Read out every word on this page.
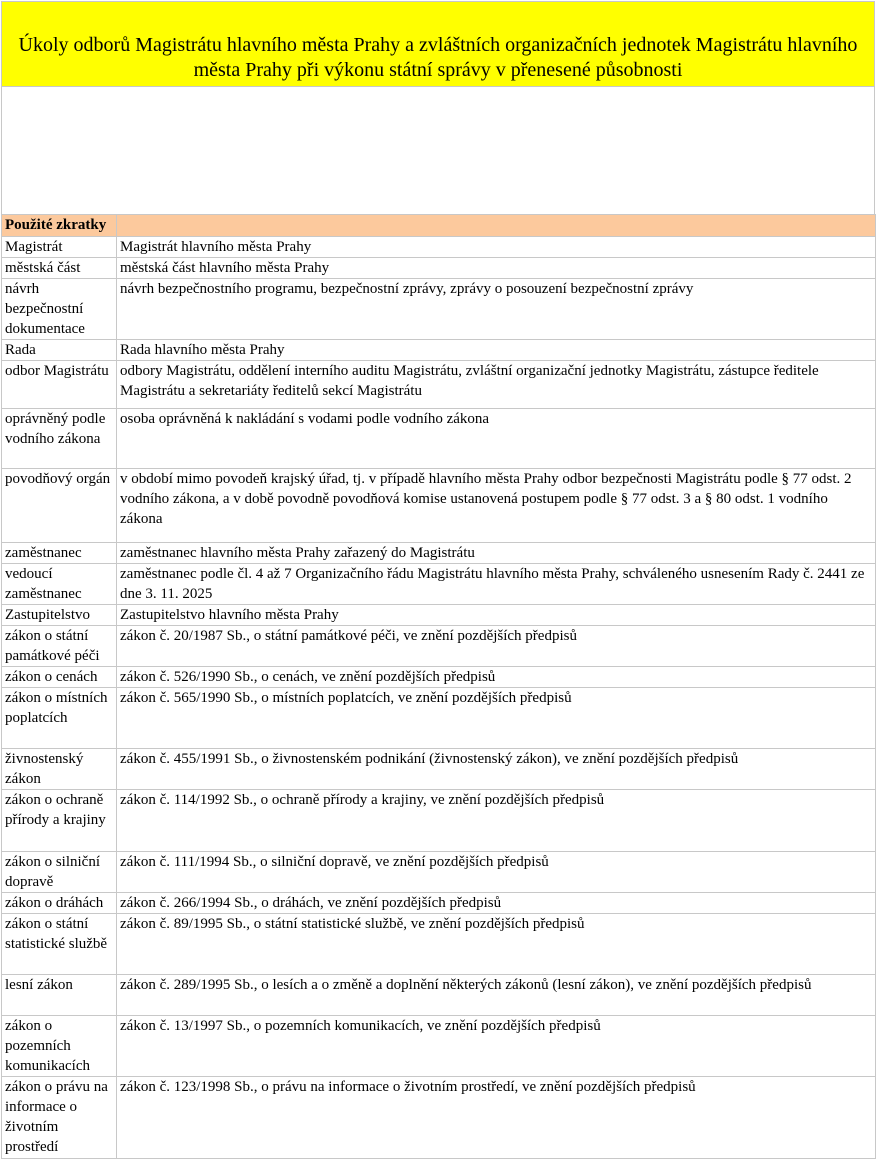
Úkoly odborů Magistrátu hlavního města Prahy a zvláštních organizačních jednotek Magistrátu hlavního města Prahy při výkonu státní správy v přenesené působnosti
Použité zkratky	
Magistrát	Magistrát hlavního města Prahy
městská část	městská část hlavního města Prahy
návrh bezpečnostní dokumentace	návrh bezpečnostního programu, bezpečnostní zprávy, zprávy o posouzení bezpečnostní zprávy
Rada	Rada hlavního města Prahy
odbor Magistrátu	odbory Magistrátu, oddělení interního auditu Magistrátu, zvláštní organizační jednotky Magistrátu, zástupce ředitele Magistrátu a sekretariáty ředitelů sekcí Magistrátu
oprávněný podle vodního zákona	osoba oprávněná k nakládání s vodami podle vodního zákona
povodňový orgán	v období mimo povodeň krajský úřad, tj. v případě hlavního města Prahy odbor bezpečnosti Magistrátu podle § 77 odst. 2 vodního zákona, a v době povodně povodňová komise ustanovená postupem podle § 77 odst. 3 a § 80 odst. 1 vodního zákona
zaměstnanec	zaměstnanec hlavního města Prahy zařazený do Magistrátu
vedoucí zaměstnanec	zaměstnanec podle čl. 4 až 7 Organizačního řádu Magistrátu hlavního města Prahy, schváleného usnesením Rady č. 2441 ze dne 3. 11. 2025
Zastupitelstvo	Zastupitelstvo hlavního města Prahy
zákon o státní památkové péči	zákon č. 20/1987 Sb., o státní památkové péči, ve znění pozdějších předpisů
zákon o cenách	zákon č. 526/1990 Sb., o cenách, ve znění pozdějších předpisů
zákon o místních poplatcích	zákon č. 565/1990 Sb., o místních poplatcích, ve znění pozdějších předpisů
živnostenský zákon	zákon č. 455/1991 Sb., o živnostenském podnikání (živnostenský zákon), ve znění pozdějších předpisů
zákon o ochraně přírody a krajiny	zákon č. 114/1992 Sb., o ochraně přírody a krajiny, ve znění pozdějších předpisů
zákon o silniční dopravě	zákon č. 111/1994 Sb., o silniční dopravě, ve znění pozdějších předpisů
zákon o dráhách	zákon č. 266/1994 Sb., o dráhách, ve znění pozdějších předpisů
zákon o státní statistické službě	zákon č. 89/1995 Sb., o státní statistické službě, ve znění pozdějších předpisů
lesní zákon	zákon č. 289/1995 Sb., o lesích a o změně a doplnění některých zákonů (lesní zákon), ve znění pozdějších předpisů
zákon o pozemních komunikacích	zákon č. 13/1997 Sb., o pozemních komunikacích, ve znění pozdějších předpisů
zákon o právu na informace o životním prostředí	zákon č. 123/1998 Sb., o právu na informace o životním prostředí, ve znění pozdějších předpisů
